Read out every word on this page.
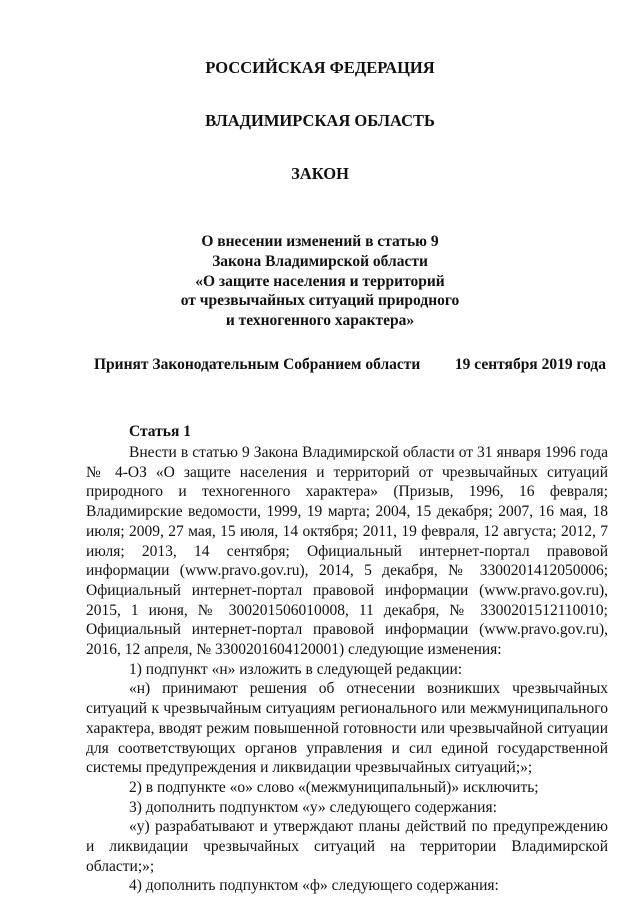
РОССИЙСКАЯ ФЕДЕРАЦИЯ
ВЛАДИМИРСКАЯ ОБЛАСТЬ
ЗАКОН
О внесении изменений в статью 9
Закона Владимирской области
«О защите населения и территорий
от чрезвычайных ситуаций природного
и техногенного характера»
Принят Законодательным Собранием области 19 сентября 2019 года
Статья 1

Внести в статью 9 Закона Владимирской области от 31 января 1996 года № 4-ОЗ «О защите населения и территорий от чрезвычайных ситуаций природного и техногенного характера» (Призыв, 1996, 16 февраля; Владимирские ведомости, 1999, 19 марта; 2004, 15 декабря; 2007, 16 мая, 18 июля; 2009, 27 мая, 15 июля, 14 октября; 2011, 19 февраля, 12 августа; 2012, 7 июля; 2013, 14 сентября; Официальный интернет-портал правовой информации (www.pravo.gov.ru), 2014, 5 декабря, № 3300201412050006; Официальный интернет-портал правовой информации (www.pravo.gov.ru), 2015, 1 июня, № 300201506010008, 11 декабря, № 3300201512110010; Официальный интернет-портал правовой информации (www.pravo.gov.ru), 2016, 12 апреля, № 3300201604120001) следующие изменения:

1) подпункт «н» изложить в следующей редакции:

«н) принимают решения об отнесении возникших чрезвычайных ситуаций к чрезвычайным ситуациям регионального или межмуниципального характера, вводят режим повышенной готовности или чрезвычайной ситуации для соответствующих органов управления и сил единой государственной системы предупреждения и ликвидации чрезвычайных ситуаций;»;

2) в подпункте «о» слово «(межмуниципальный)» исключить;

3) дополнить подпунктом «у» следующего содержания:

«у) разрабатывают и утверждают планы действий по предупреждению и ликвидации чрезвычайных ситуаций на территории Владимирской области;»;

4) дополнить подпунктом «ф» следующего содержания:
